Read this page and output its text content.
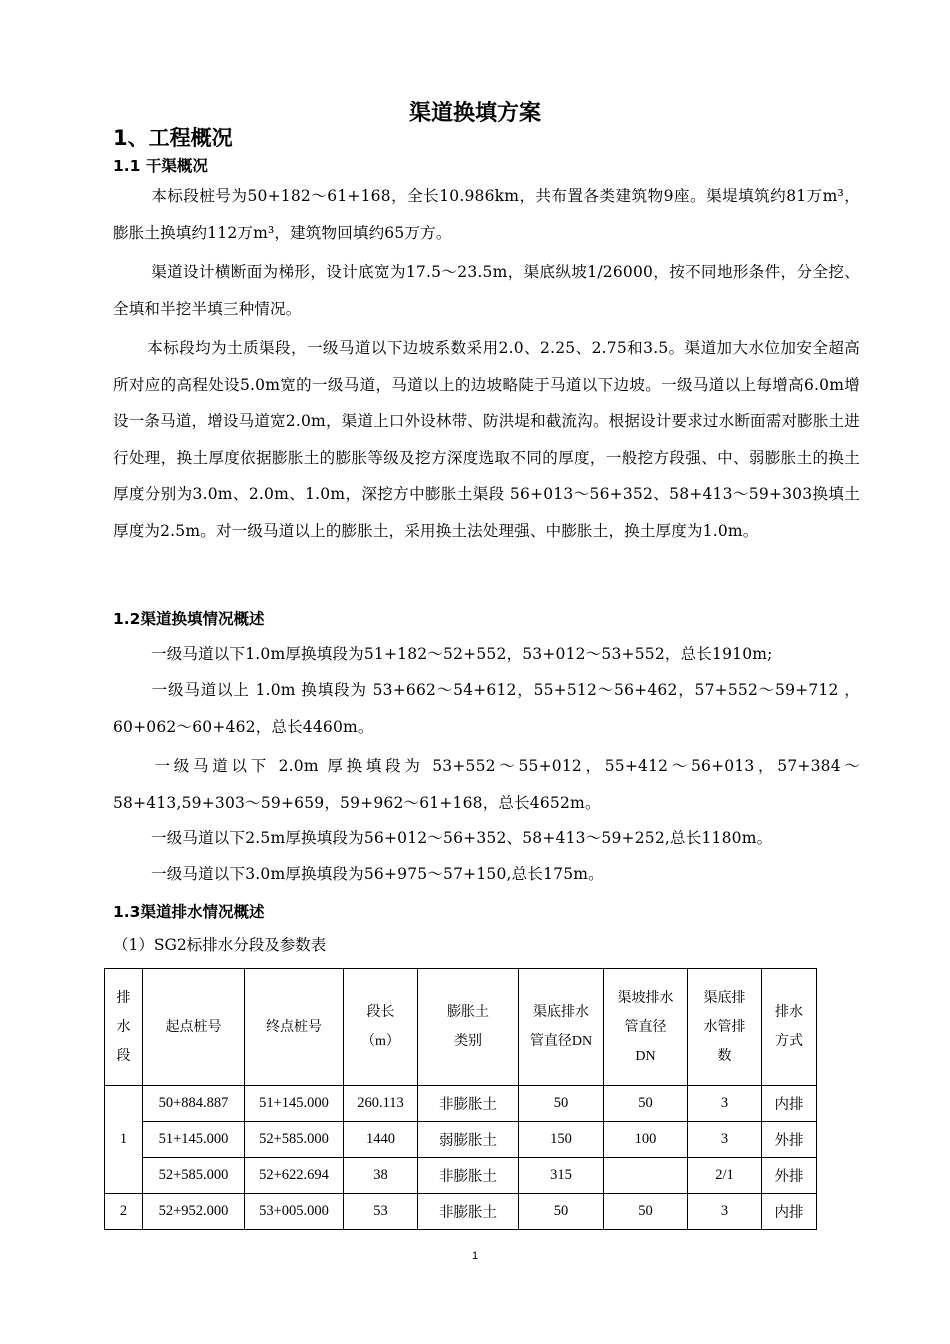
渠道换填方案
1、工程概况
1.1 干渠概况
本标段桩号为50+182～61+168，全长10.986km，共布置各类建筑物9座。渠堤填筑约81万m³，膨胀土换填约112万m³，建筑物回填约65万方。
渠道设计横断面为梯形，设计底宽为17.5～23.5m，渠底纵坡1/26000，按不同地形条件，分全挖、全填和半挖半填三种情况。
本标段均为土质渠段，一级马道以下边坡系数采用2.0、2.25、2.75和3.5。渠道加大水位加安全超高所对应的高程处设5.0m宽的一级马道，马道以上的边坡略陡于马道以下边坡。一级马道以上每增高6.0m增设一条马道，增设马道宽2.0m，渠道上口外设林带、防洪堤和截流沟。根据设计要求过水断面需对膨胀土进行处理，换土厚度依据膨胀土的膨胀等级及挖方深度选取不同的厚度，一般挖方段强、中、弱膨胀土的换土厚度分别为3.0m、2.0m、1.0m，深挖方中膨胀土渠段 56+013～56+352、58+413～59+303换填土厚度为2.5m。对一级马道以上的膨胀土，采用换土法处理强、中膨胀土，换土厚度为1.0m。
1.2渠道换填情况概述
一级马道以下1.0m厚换填段为51+182～52+552，53+012～53+552，总长1910m;
一级马道以上 1.0m 换填段为 53+662～54+612，55+512～56+462，57+552～59+712 ，60+062～60+462，总长4460m。
一级马道以下 2.0m 厚换填段为 53+552～55+012，55+412～56+013，57+384～58+413,59+303～59+659，59+962～61+168，总长4652m。
一级马道以下2.5m厚换填段为56+012～56+352、58+413～59+252,总长1180m。
一级马道以下3.0m厚换填段为56+975～57+150,总长175m。
1.3渠道排水情况概述
（1）SG2标排水分段及参数表
排水段	起点桩号	终点桩号	段长（m）	膨胀土类别	渠底排水管直径DN	渠坡排水管直径DN	渠底排水管排数	排水方式
1	50+884.887	51+145.000	260.113	非膨胀土	50	50	3	内排
	51+145.000	52+585.000	1440	弱膨胀土	150	100	3	外排
	52+585.000	52+622.694	38	非膨胀土	315		2/1	外排
2	52+952.000	53+005.000	53	非膨胀土	50	50	3	内排
1
